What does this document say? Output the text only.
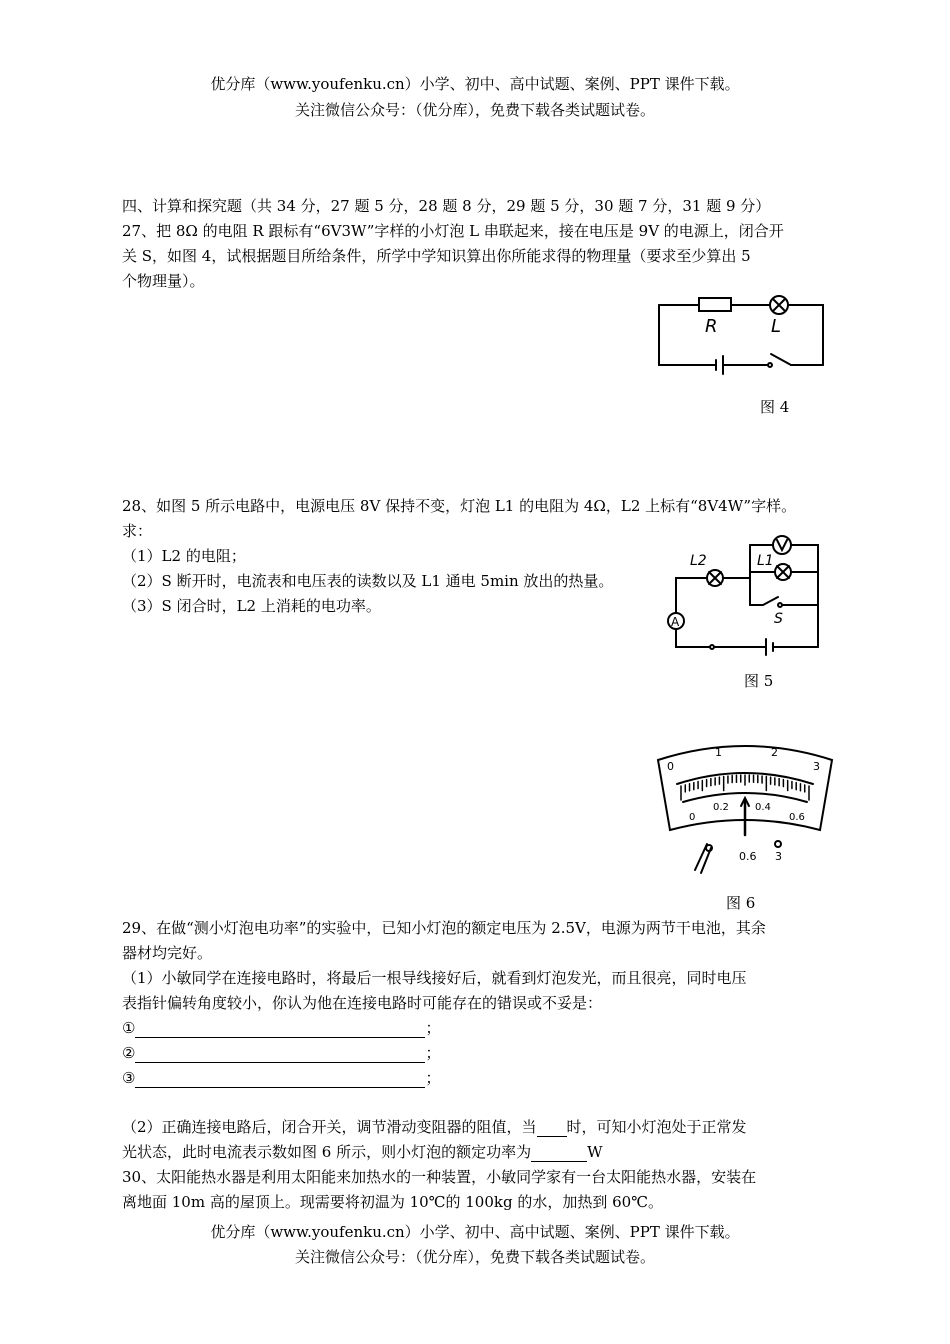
优分库（www.youfenku.cn）小学、初中、高中试题、案例、PPT 课件下载。
关注微信公众号：（优分库），免费下载各类试题试卷。
四、计算和探究题（共 34 分，27 题 5 分，28 题 8 分，29 题 5 分，30 题 7 分，31 题 9 分）
27、把 8Ω 的电阻 R 跟标有“6V3W”字样的小灯泡 L 串联起来，接在电压是 9V 的电源上，闭合开
关 S，如图 4，试根据题目所给条件，所学中学知识算出你所能求得的物理量（要求至少算出 5
个物理量）。
R	L
图 4
28、如图 5 所示电路中，电源电压 8V 保持不变，灯泡 L1 的电阻为 4Ω，L2 上标有“8V4W”字样。
求：
（1）L2 的电阻；
（2）S 断开时，电流表和电压表的读数以及 L1 通电 5min 放出的热量。
（3）S 闭合时，L2 上消耗的电功率。
L2	L1
V
A	S
图 5
1	2
0	3
0
0.2	0.4
0.6
0.6 3
图 6
29、在做“测小灯泡电功率”的实验中，已知小灯泡的额定电压为 2.5V，电源为两节干电池，其余
器材均完好。
（1）小敏同学在连接电路时，将最后一根导线接好后，就看到灯泡发光，而且很亮，同时电压
表指针偏转角度较小，你认为他在连接电路时可能存在的错误或不妥是：
①	；
②	；
③	；
（2）正确连接电路后，闭合开关，调节滑动变阻器的阻值，当 时，可知小灯泡处于正常发
光状态，此时电流表示数如图 6 所示，则小灯泡的额定功率为	W
30、太阳能热水器是利用太阳能来加热水的一种装置，小敏同学家有一台太阳能热水器，安装在
离地面 10m 高的屋顶上。现需要将初温为 10℃的 100kg 的水，加热到 60℃。
优分库（www.youfenku.cn）小学、初中、高中试题、案例、PPT 课件下载。
关注微信公众号：（优分库），免费下载各类试题试卷。
